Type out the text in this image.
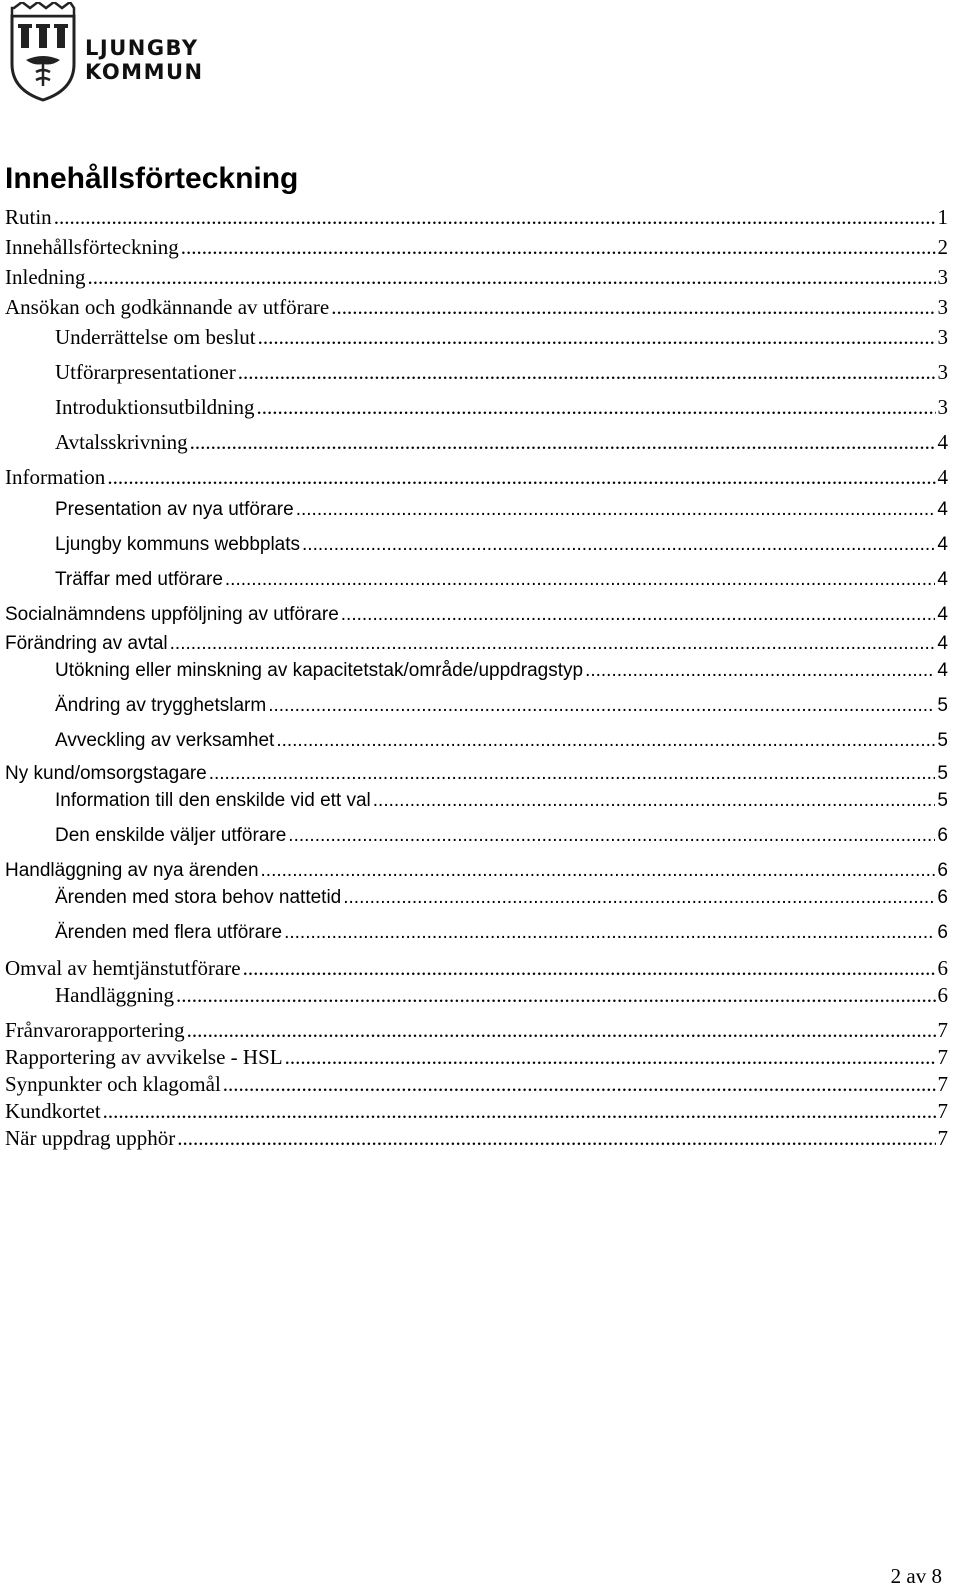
LJUNGBY
KOMMUN
Innehållsförteckning
Rutin .....	1
Innehållsförteckning .....	2
Inledning .....	3
Ansökan och godkännande av utförare .....	3
Underrättelse om beslut .....	3
Utförarpresentationer .....	3
Introduktionsutbildning .....	3
Avtalsskrivning .....	4
Information .....	4
Presentation av nya utförare .....	4
Ljungby kommuns webbplats .....	4
Träffar med utförare .....	4
Socialnämndens uppföljning av utförare .....	4
Förändring av avtal .....	4
Utökning eller minskning av kapacitetstak/område/uppdragstyp .....	4
Ändring av trygghetslarm .....	5
Avveckling av verksamhet .....	5
Ny kund/omsorgstagare .....	5
Information till den enskilde vid ett val .....	5
Den enskilde väljer utförare .....	6
Handläggning av nya ärenden .....	6
Ärenden med stora behov nattetid .....	6
Ärenden med flera utförare .....	6
Omval av hemtjänstutförare .....	6
Handläggning .....	6
Frånvarorapportering .....	7
Rapportering av avvikelse - HSL .....	7
Synpunkter och klagomål .....	7
Kundkortet .....	7
När uppdrag upphör .....	7
2 av 8
